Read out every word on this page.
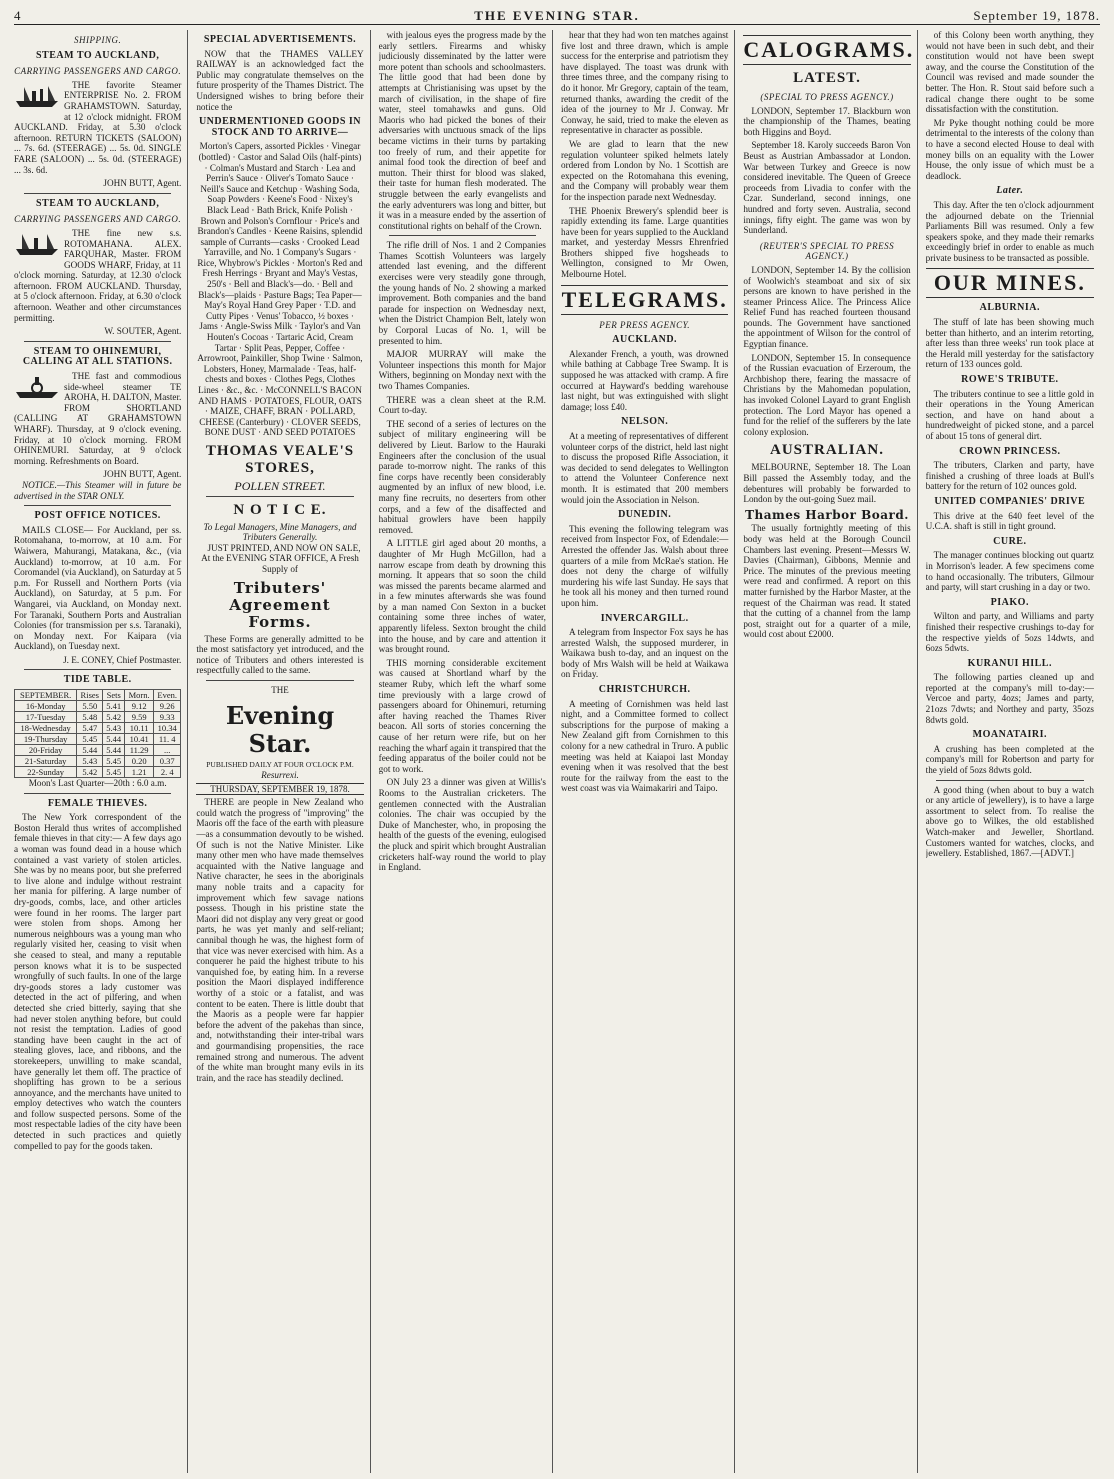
4	THE EVENING STAR.	September 19, 1878.
SHIPPING.
STEAM TO AUCKLAND,
CARRYING PASSENGERS AND CARGO.

THE favorite Steamer ENTERPRISE No. 2. FROM GRAHAMSTOWN. Saturday, at 12 o'clock midnight. FROM AUCKLAND. Friday, at 5.30 o'clock afternoon. RETURN TICKETS (SALOON) ... 7s. 6d. (STEERAGE) ... 5s. 0d. SINGLE FARE (SALOON) ... 5s. 0d. (STEERAGE) ... 3s. 6d.

JOHN BUTT, Agent.
STEAM TO AUCKLAND,
CARRYING PASSENGERS AND CARGO.

THE fine new s.s. ROTOMAHANA. ALEX. FARQUHAR, Master. FROM GOODS WHARF, Friday, at 11 o'clock morning. Saturday, at 12.30 o'clock afternoon. FROM AUCKLAND. Thursday, at 5 o'clock afternoon. Friday, at 6.30 o'clock afternoon. Weather and other circumstances permitting.

W. SOUTER, Agent.
STEAM TO OHINEMURI, CALLING AT ALL STATIONS.

THE fast and commodious side-wheel steamer TE AROHA, H. DALTON, Master. FROM SHORTLAND (CALLING AT GRAHAMSTOWN WHARF). Thursday, at 9 o'clock evening. Friday, at 10 o'clock morning. FROM OHINEMURI. Saturday, at 9 o'clock morning. Refreshments on Board.

JOHN BUTT, Agent.

NOTICE.—This Steamer will in future be advertised in the STAR ONLY.

POST OFFICE NOTICES.

MAILS CLOSE— For Auckland, per ss. Rotomahana, to-morrow, at 10 a.m. For Waiwera, Mahurangi, Matakana, &c., (via Auckland) to-morrow, at 10 a.m. For Coromandel (via Auckland), on Saturday at 5 p.m. For Russell and Northern Ports (via Auckland), on Saturday, at 5 p.m. For Wangarei, via Auckland, on Monday next. For Taranaki, Southern Ports and Australian Colonies (for transmission per s.s. Taranaki), on Monday next. For Kaipara (via Auckland), on Tuesday next.

J. E. CONEY, Chief Postmaster.
TIDE TABLE.
SEPTEMBER.	Rises	Sets	Morn.	Even.
16-Monday	5.50	5.41	9.12	9.26
17-Tuesday	5.48	5.42	9.59	9.33
18-Wednesday	5.47	5.43	10.11	10.34
19-Thursday	5.45	5.44	10.41	11. 4
20-Friday	5.44	5.44	11.29	...
21-Saturday	5.43	5.45	0.20	0.37
22-Sunday	5.42	5.45	1.21	2. 4
Moon's Last Quarter—20th : 6.0 a.m.
FEMALE THIEVES.

The New York correspondent of the Boston Herald thus writes of accomplished female thieves in that city:— A few days ago a woman was found dead in a house which contained a vast variety of stolen articles. She was by no means poor, but she preferred to live alone and indulge without restraint her mania for pilfering. A large number of dry-goods, combs, lace, and other articles were found in her rooms. The larger part were stolen from shops. Among her numerous neighbours was a young man who regularly visited her, ceasing to visit when she ceased to steal, and many a reputable person knows what it is to be suspected wrongfully of such faults. In one of the large dry-goods stores a lady customer was detected in the act of pilfering, and when detected she cried bitterly, saying that she had never stolen anything before, but could not resist the temptation. Ladies of good standing have been caught in the act of stealing gloves, lace, and ribbons, and the storekeepers, unwilling to make scandal, have generally let them off. The practice of shoplifting has grown to be a serious annoyance, and the merchants have united to employ detectives who watch the counters and follow suspected persons. Some of the most respectable ladies of the city have been detected in such practices and quietly compelled to pay for the goods taken.

SPECIAL ADVERTISEMENTS.

NOW that the THAMES VALLEY RAILWAY is an acknowledged fact the Public may congratulate themselves on the future prosperity of the Thames District. The Undersigned wishes to bring before their notice the

UNDERMENTIONED GOODS IN STOCK AND TO ARRIVE—

Morton's Capers, assorted Pickles · Vinegar (bottled) · Castor and Salad Oils (half-pints) · Colman's Mustard and Starch · Lea and Perrin's Sauce · Oliver's Tomato Sauce · Neill's Sauce and Ketchup · Washing Soda, Soap Powders · Keene's Food · Nixey's Black Lead · Bath Brick, Knife Polish · Brown and Polson's Cornflour · Price's and Brandon's Candles · Keene Raisins, splendid sample of Currants—casks · Crooked Lead Yarraville, and No. 1 Company's Sugars · Rice, Whybrow's Pickles · Morton's Red and Fresh Herrings · Bryant and May's Vestas, 250's · Bell and Black's—do. · Bell and Black's—plaids · Pasture Bags; Tea Paper—May's Royal Hand Grey Paper · T.D. and Cutty Pipes · Venus' Tobacco, ½ boxes · Jams · Angle-Swiss Milk · Taylor's and Van Houten's Cocoas · Tartaric Acid, Cream Tartar · Split Peas, Pepper, Coffee · Arrowroot, Painkiller, Shop Twine · Salmon, Lobsters, Honey, Marmalade · Teas, half-chests and boxes · Clothes Pegs, Clothes Lines · &c., &c. · McCONNELL'S BACON AND HAMS · POTATOES, FLOUR, OATS · MAIZE, CHAFF, BRAN · POLLARD, CHEESE (Canterbury) · CLOVER SEEDS, BONE DUST · AND SEED POTATOES

THOMAS VEALE'S STORES,
POLLEN STREET.
N O T I C E.
To Legal Managers, Mine Managers, and Tributers Generally.

JUST PRINTED, AND NOW ON SALE, At the EVENING STAR OFFICE, A Fresh Supply of

Tributers' Agreement Forms.

These Forms are generally admitted to be the most satisfactory yet introduced, and the notice of Tributers and others interested is respectfully called to the same.

THE
Evening Star.
PUBLISHED DAILY AT FOUR O'CLOCK P.M.
Resurrexi.
THURSDAY, SEPTEMBER 19, 1878.

THERE are people in New Zealand who could watch the progress of "improving" the Maoris off the face of the earth with pleasure—as a consummation devoutly to be wished. Of such is not the Native Minister. Like many other men who have made themselves acquainted with the Native language and Native character, he sees in the aboriginals many noble traits and a capacity for improvement which few savage nations possess. Though in his pristine state the Maori did not display any very great or good parts, he was yet manly and self-reliant; cannibal though he was, the highest form of that vice was never exercised with him. As a conquerer he paid the highest tribute to his vanquished foe, by eating him. In a reverse position the Maori displayed indifference worthy of a stoic or a fatalist, and was content to be eaten. There is little doubt that the Maoris as a people were far happier before the advent of the pakehas than since, and, notwithstanding their inter-tribal wars and gourmandising propensities, the race remained strong and numerous. The advent of the white man brought many evils in its train, and the race has steadily declined.

with jealous eyes the progress made by the early settlers. Firearms and whisky judiciously disseminated by the latter were more potent than schools and schoolmasters. The little good that had been done by attempts at Christianising was upset by the march of civilisation, in the shape of fire water, steel tomahawks and guns. Old Maoris who had picked the bones of their adversaries with unctuous smack of the lips became victims in their turns by partaking too freely of rum, and their appetite for animal food took the direction of beef and mutton. Their thirst for blood was slaked, their taste for human flesh moderated. The struggle between the early evangelists and the early adventurers was long and bitter, but it was in a measure ended by the assertion of constitutional rights on behalf of the Crown.

The rifle drill of Nos. 1 and 2 Companies Thames Scottish Volunteers was largely attended last evening, and the different exercises were very steadily gone through, the young hands of No. 2 showing a marked improvement. Both companies and the band parade for inspection on Wednesday next, when the District Champion Belt, lately won by Corporal Lucas of No. 1, will be presented to him.

MAJOR MURRAY will make the Volunteer inspections this month for Major Withers, beginning on Monday next with the two Thames Companies.

THERE was a clean sheet at the R.M. Court to-day.

THE second of a series of lectures on the subject of military engineering will be delivered by Lieut. Barlow to the Hauraki Engineers after the conclusion of the usual parade to-morrow night. The ranks of this fine corps have recently been considerably augmented by an influx of new blood, i.e. many fine recruits, no deserters from other corps, and a few of the disaffected and habitual growlers have been happily removed.

A LITTLE girl aged about 20 months, a daughter of Mr Hugh McGillon, had a narrow escape from death by drowning this morning. It appears that so soon the child was missed the parents became alarmed and in a few minutes afterwards she was found by a man named Con Sexton in a bucket containing some three inches of water, apparently lifeless. Sexton brought the child into the house, and by care and attention it was brought round.

THIS morning considerable excitement was caused at Shortland wharf by the steamer Ruby, which left the wharf some time previously with a large crowd of passengers aboard for Ohinemuri, returning after having reached the Thames River beacon. All sorts of stories concerning the cause of her return were rife, but on her reaching the wharf again it transpired that the feeding apparatus of the boiler could not be got to work.

ON July 23 a dinner was given at Willis's Rooms to the Australian cricketers. The gentlemen connected with the Australian colonies. The chair was occupied by the Duke of Manchester, who, in proposing the health of the guests of the evening, eulogised the pluck and spirit which brought Australian cricketers half-way round the world to play in England.

hear that they had won ten matches against five lost and three drawn, which is ample success for the enterprise and patriotism they have displayed. The toast was drunk with three times three, and the company rising to do it honor. Mr Gregory, captain of the team, returned thanks, awarding the credit of the idea of the journey to Mr J. Conway. Mr Conway, he said, tried to make the eleven as representative in character as possible.

We are glad to learn that the new regulation volunteer spiked helmets lately ordered from London by No. 1 Scottish are expected on the Rotomahana this evening, and the Company will probably wear them for the inspection parade next Wednesday.

THE Phoenix Brewery's splendid beer is rapidly extending its fame. Large quantities have been for years supplied to the Auckland market, and yesterday Messrs Ehrenfried Brothers shipped five hogsheads to Wellington, consigned to Mr Owen, Melbourne Hotel.

TELEGRAMS.
PER PRESS AGENCY.
AUCKLAND.

Alexander French, a youth, was drowned while bathing at Cabbage Tree Swamp. It is supposed he was attacked with cramp. A fire occurred at Hayward's bedding warehouse last night, but was extinguished with slight damage; loss £40.

NELSON.

At a meeting of representatives of different volunteer corps of the district, held last night to discuss the proposed Rifle Association, it was decided to send delegates to Wellington to attend the Volunteer Conference next month. It is estimated that 200 members would join the Association in Nelson.

DUNEDIN.

This evening the following telegram was received from Inspector Fox, of Edendale:—Arrested the offender Jas. Walsh about three quarters of a mile from McRae's station. He does not deny the charge of wilfully murdering his wife last Sunday. He says that he took all his money and then turned round upon him.

INVERCARGILL.

A telegram from Inspector Fox says he has arrested Walsh, the supposed murderer, in Waikawa bush to-day, and an inquest on the body of Mrs Walsh will be held at Waikawa on Friday.

CHRISTCHURCH.

A meeting of Cornishmen was held last night, and a Committee formed to collect subscriptions for the purpose of making a New Zealand gift from Cornishmen to this colony for a new cathedral in Truro. A public meeting was held at Kaiapoi last Monday evening when it was resolved that the best route for the railway from the east to the west coast was via Waimakariri and Taipo.

CALOGRAMS.
LATEST.
(SPECIAL TO PRESS AGENCY.)

LONDON, September 17. Blackburn won the championship of the Thames, beating both Higgins and Boyd.

September 18. Karoly succeeds Baron Von Beust as Austrian Ambassador at London. War between Turkey and Greece is now considered inevitable. The Queen of Greece proceeds from Livadia to confer with the Czar. Sunderland, second innings, one hundred and forty seven. Australia, second innings, fifty eight. The game was won by Sunderland.

(REUTER'S SPECIAL TO PRESS AGENCY.)

LONDON, September 14. By the collision of Woolwich's steamboat and six of six persons are known to have perished in the steamer Princess Alice. The Princess Alice Relief Fund has reached fourteen thousand pounds. The Government have sanctioned the appointment of Wilson for the control of Egyptian finance.

LONDON, September 15. In consequence of the Russian evacuation of Erzeroum, the Archbishop there, fearing the massacre of Christians by the Mahomedan population, has invoked Colonel Layard to grant English protection. The Lord Mayor has opened a fund for the relief of the sufferers by the late colony explosion.

AUSTRALIAN.

MELBOURNE, September 18. The Loan Bill passed the Assembly today, and the debentures will probably be forwarded to London by the out-going Suez mail.

Thames Harbor Board.

The usually fortnightly meeting of this body was held at the Borough Council Chambers last evening. Present—Messrs W. Davies (Chairman), Gibbons, Mennie and Price. The minutes of the previous meeting were read and confirmed. A report on this matter furnished by the Harbor Master, at the request of the Chairman was read. It stated that the cutting of a channel from the lamp post, straight out for a quarter of a mile, would cost about £2000.

of this Colony been worth anything, they would not have been in such debt, and their constitution would not have been swept away, and the course the Constitution of the Council was revised and made sounder the better. The Hon. R. Stout said before such a radical change there ought to be some dissatisfaction with the constitution.

Mr Pyke thought nothing could be more detrimental to the interests of the colony than to have a second elected House to deal with money bills on an equality with the Lower House, the only issue of which must be a deadlock.

Later.

This day. After the ten o'clock adjournment the adjourned debate on the Triennial Parliaments Bill was resumed. Only a few speakers spoke, and they made their remarks exceedingly brief in order to enable as much private business to be transacted as possible.

OUR MINES.
ALBURNIA.

The stuff of late has been showing much better than hitherto, and an interim retorting, after less than three weeks' run took place at the Herald mill yesterday for the satisfactory return of 133 ounces gold.

ROWE'S TRIBUTE.

The tributers continue to see a little gold in their operations in the Young American section, and have on hand about a hundredweight of picked stone, and a parcel of about 15 tons of general dirt.

CROWN PRINCESS.

The tributers, Clarken and party, have finished a crushing of three loads at Bull's battery for the return of 102 ounces gold.

UNITED COMPANIES' DRIVE

This drive at the 640 feet level of the U.C.A. shaft is still in tight ground.

CURE.

The manager continues blocking out quartz in Morrison's leader. A few specimens come to hand occasionally. The tributers, Gilmour and party, will start crushing in a day or two.

PIAKO.

Wilton and party, and Williams and party finished their respective crushings to-day for the respective yields of 5ozs 14dwts, and 6ozs 5dwts.

KURANUI HILL.

The following parties cleaned up and reported at the company's mill to-day:— Vercoe and party, 4ozs; James and party, 21ozs 7dwts; and Northey and party, 35ozs 8dwts gold.

MOANATAIRI.

A crushing has been completed at the company's mill for Robertson and party for the yield of 5ozs 8dwts gold.

A good thing (when about to buy a watch or any article of jewellery), is to have a large assortment to select from. To realise the above go to Wilkes, the old established Watch-maker and Jeweller, Shortland. Customers wanted for watches, clocks, and jewellery. Established, 1867.—[ADVT.]
